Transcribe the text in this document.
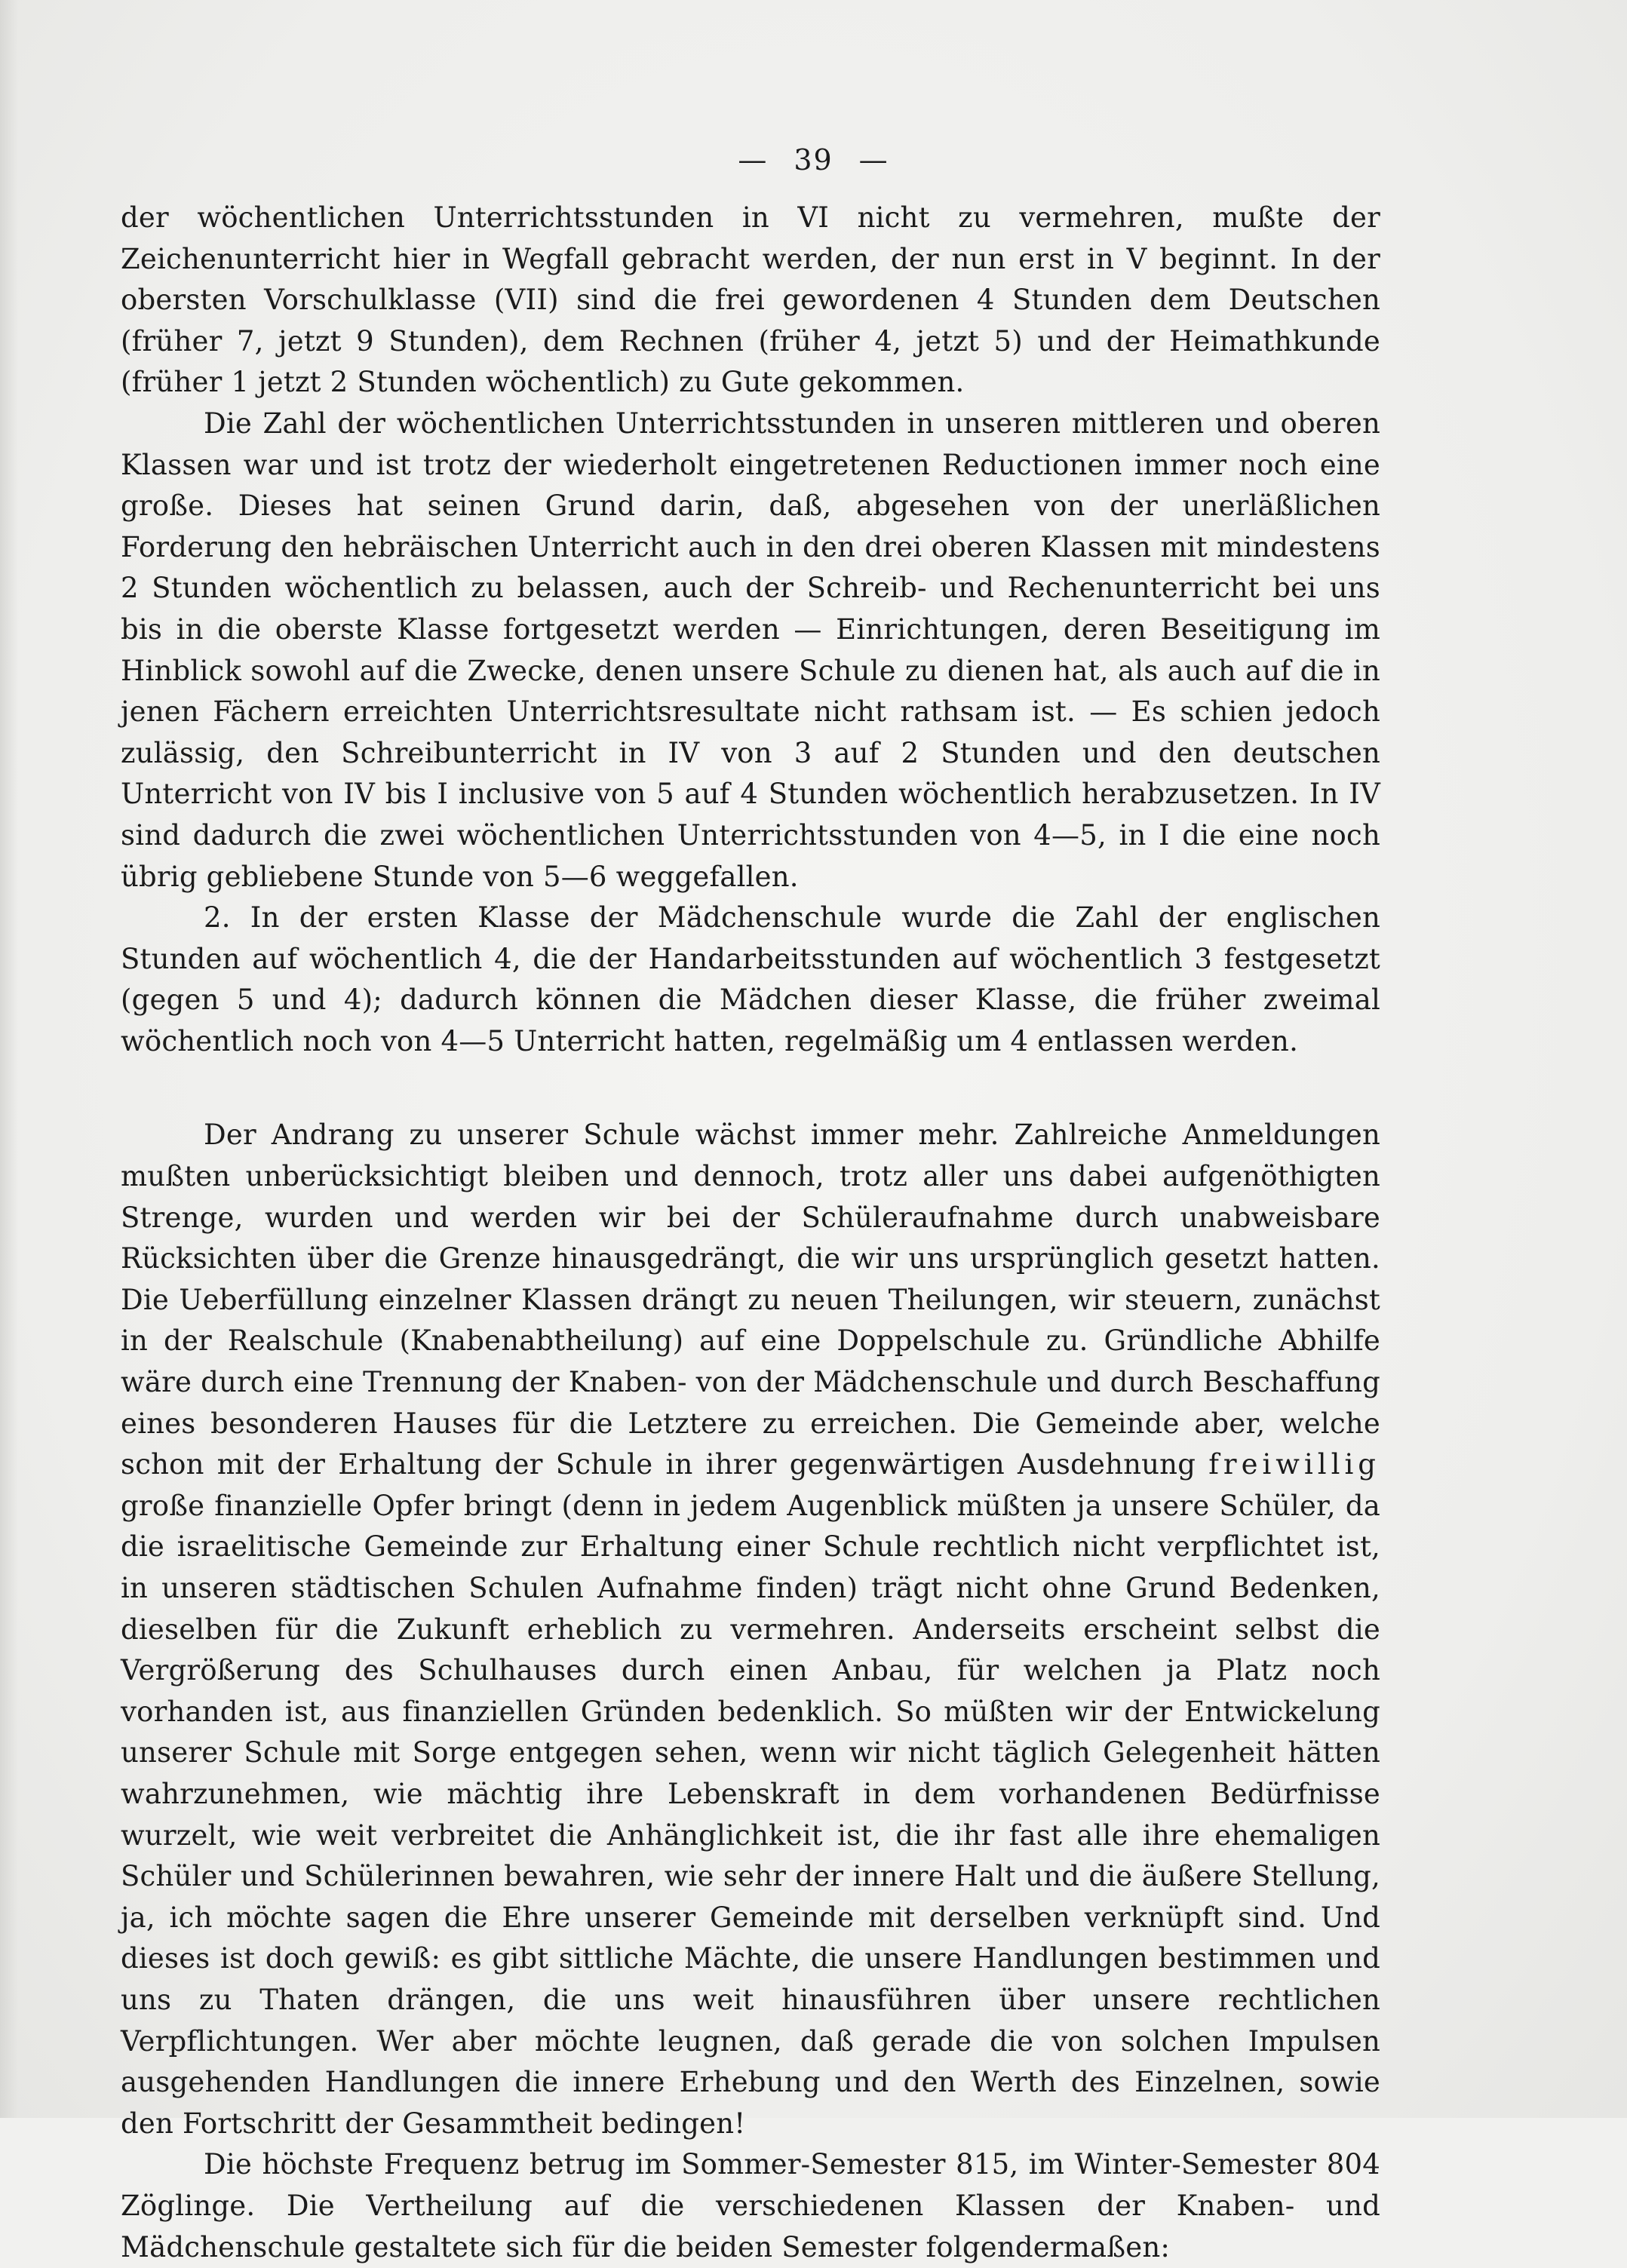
— 39 —

der wöchentlichen Unterrichtsstunden in VI nicht zu vermehren, mußte der Zeichenunterricht hier in Wegfall gebracht werden, der nun erst in V beginnt. In der obersten Vorschulklasse (VII) sind die frei gewordenen 4 Stunden dem Deutschen (früher 7, jetzt 9 Stunden), dem Rechnen (früher 4, jetzt 5) und der Heimathkunde (früher 1 jetzt 2 Stunden wöchentlich) zu Gute gekommen.

Die Zahl der wöchentlichen Unterrichtsstunden in unseren mittleren und oberen Klassen war und ist trotz der wiederholt eingetretenen Reductionen immer noch eine große. Dieses hat seinen Grund darin, daß, abgesehen von der unerläßlichen Forderung den hebräischen Unterricht auch in den drei oberen Klassen mit mindestens 2 Stunden wöchentlich zu belassen, auch der Schreib- und Rechenunterricht bei uns bis in die oberste Klasse fortgesetzt werden — Einrichtungen, deren Beseitigung im Hinblick sowohl auf die Zwecke, denen unsere Schule zu dienen hat, als auch auf die in jenen Fächern erreichten Unterrichtsresultate nicht rathsam ist. — Es schien jedoch zulässig, den Schreibunterricht in IV von 3 auf 2 Stunden und den deutschen Unterricht von IV bis I inclusive von 5 auf 4 Stunden wöchentlich herabzusetzen. In IV sind dadurch die zwei wöchentlichen Unterrichtsstunden von 4—5, in I die eine noch übrig gebliebene Stunde von 5—6 weggefallen.

2. In der ersten Klasse der Mädchenschule wurde die Zahl der englischen Stunden auf wöchentlich 4, die der Handarbeitsstunden auf wöchentlich 3 festgesetzt (gegen 5 und 4); dadurch können die Mädchen dieser Klasse, die früher zweimal wöchentlich noch von 4—5 Unterricht hatten, regelmäßig um 4 entlassen werden.

Der Andrang zu unserer Schule wächst immer mehr. Zahlreiche Anmeldungen mußten unberücksichtigt bleiben und dennoch, trotz aller uns dabei aufgenöthigten Strenge, wurden und werden wir bei der Schüleraufnahme durch unabweisbare Rücksichten über die Grenze hinausgedrängt, die wir uns ursprünglich gesetzt hatten. Die Ueberfüllung einzelner Klassen drängt zu neuen Theilungen, wir steuern, zunächst in der Realschule (Knabenabtheilung) auf eine Doppelschule zu. Gründliche Abhilfe wäre durch eine Trennung der Knaben- von der Mädchenschule und durch Beschaffung eines besonderen Hauses für die Letztere zu erreichen. Die Gemeinde aber, welche schon mit der Erhaltung der Schule in ihrer gegenwärtigen Ausdehnung freiwillig große finanzielle Opfer bringt (denn in jedem Augenblick müßten ja unsere Schüler, da die israelitische Gemeinde zur Erhaltung einer Schule rechtlich nicht verpflichtet ist, in unseren städtischen Schulen Aufnahme finden) trägt nicht ohne Grund Bedenken, dieselben für die Zukunft erheblich zu vermehren. Anderseits erscheint selbst die Vergrößerung des Schulhauses durch einen Anbau, für welchen ja Platz noch vorhanden ist, aus finanziellen Gründen bedenklich. So müßten wir der Entwickelung unserer Schule mit Sorge entgegen sehen, wenn wir nicht täglich Gelegenheit hätten wahrzunehmen, wie mächtig ihre Lebenskraft in dem vorhandenen Bedürfnisse wurzelt, wie weit verbreitet die Anhänglichkeit ist, die ihr fast alle ihre ehemaligen Schüler und Schülerinnen bewahren, wie sehr der innere Halt und die äußere Stellung, ja, ich möchte sagen die Ehre unserer Gemeinde mit derselben verknüpft sind. Und dieses ist doch gewiß: es gibt sittliche Mächte, die unsere Handlungen bestimmen und uns zu Thaten drängen, die uns weit hinausführen über unsere rechtlichen Verpflichtungen. Wer aber möchte leugnen, daß gerade die von solchen Impulsen ausgehenden Handlungen die innere Erhebung und den Werth des Einzelnen, sowie den Fortschritt der Gesammtheit bedingen!

Die höchste Frequenz betrug im Sommer-Semester 815, im Winter-Semester 804 Zöglinge. Die Vertheilung auf die verschiedenen Klassen der Knaben- und Mädchenschule gestaltete sich für die beiden Semester folgendermaßen:
